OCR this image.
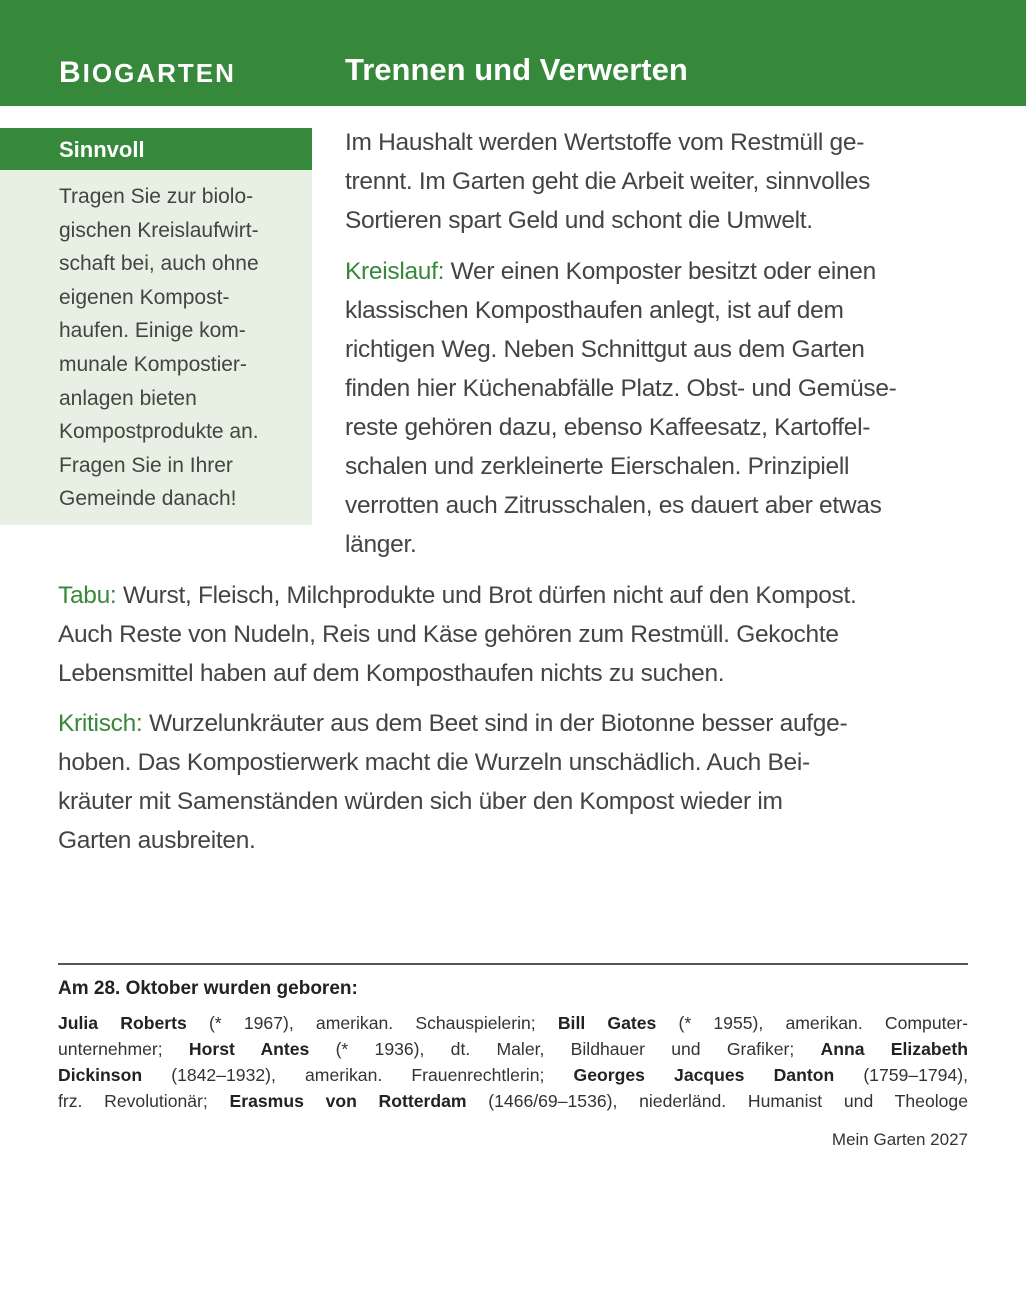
BIOGARTEN	Trennen und Verwerten
Sinnvoll
Tragen Sie zur biolo-
gischen Kreislaufwirt-
schaft bei, auch ohne
eigenen Kompost-
haufen. Einige kom-
munale Kompostier-
anlagen bieten
Kompostprodukte an.
Fragen Sie in Ihrer
Gemeinde danach!
Im Haushalt werden Wertstoffe vom Restmüll ge-
trennt. Im Garten geht die Arbeit weiter, sinnvolles
Sortieren spart Geld und schont die Umwelt.
Kreislauf: Wer einen Komposter besitzt oder einen
klassischen Komposthaufen anlegt, ist auf dem
richtigen Weg. Neben Schnittgut aus dem Garten
finden hier Küchenabfälle Platz. Obst- und Gemüse-
reste gehören dazu, ebenso Kaffeesatz, Kartoffel-
schalen und zerkleinerte Eierschalen. Prinzipiell
verrotten auch Zitrusschalen, es dauert aber etwas
länger.
Tabu: Wurst, Fleisch, Milchprodukte und Brot dürfen nicht auf den Kompost.
Auch Reste von Nudeln, Reis und Käse gehören zum Restmüll. Gekochte
Lebensmittel haben auf dem Komposthaufen nichts zu suchen.
Kritisch: Wurzelunkräuter aus dem Beet sind in der Biotonne besser aufge-
hoben. Das Kompostierwerk macht die Wurzeln unschädlich. Auch Bei-
kräuter mit Samenständen würden sich über den Kompost wieder im
Garten ausbreiten.
Am 28. Oktober wurden geboren:
Julia Roberts (* 1967), amerikan. Schauspielerin; Bill Gates (* 1955), amerikan. Computer-
unternehmer; Horst Antes (* 1936), dt. Maler, Bildhauer und Grafiker; Anna Elizabeth
Dickinson (1842–1932), amerikan. Frauenrechtlerin; Georges Jacques Danton (1759–1794),
frz. Revolutionär; Erasmus von Rotterdam (1466/69–1536), niederländ. Humanist und Theologe
Mein Garten 2027
